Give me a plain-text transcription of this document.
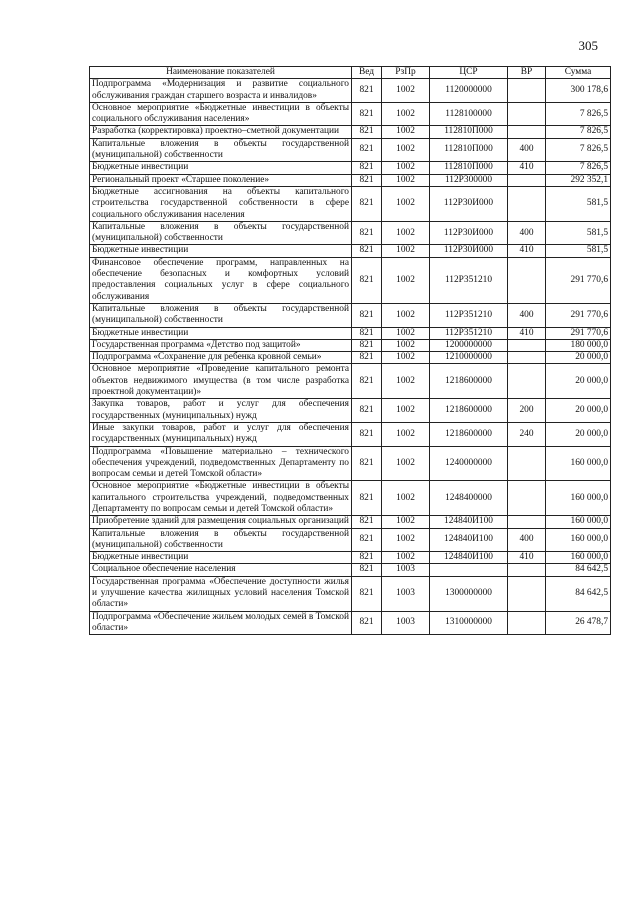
305
Наименование показателей	Вед	РзПр	ЦСР	ВР	Сумма
Подпрограмма «Модернизация и развитие социального обслуживания граждан старшего возраста и инвалидов»	821	1002	1120000000		300 178,6
Основное мероприятие «Бюджетные инвестиции в объекты социального обслуживания населения»	821	1002	1128100000		7 826,5
Разработка (корректировка) проектно–сметной документации	821	1002	112810П000		7 826,5
Капитальные вложения в объекты государственной (муниципальной) собственности	821	1002	112810П000	400	7 826,5
Бюджетные инвестиции	821	1002	112810П000	410	7 826,5
Региональный проект «Старшее поколение»	821	1002	112P300000		292 352,1
Бюджетные ассигнования на объекты капитального строительства государственной собственности в сфере социального обслуживания населения	821	1002	112P30И000		581,5
Капитальные вложения в объекты государственной (муниципальной) собственности	821	1002	112P30И000	400	581,5
Бюджетные инвестиции	821	1002	112P30И000	410	581,5
Финансовое обеспечение программ, направленных на обеспечение безопасных и комфортных условий предоставления социальных услуг в сфере социального обслуживания	821	1002	112P351210		291 770,6
Капитальные вложения в объекты государственной (муниципальной) собственности	821	1002	112P351210	400	291 770,6
Бюджетные инвестиции	821	1002	112P351210	410	291 770,6
Государственная программа «Детство под защитой»	821	1002	1200000000		180 000,0
Подпрограмма «Сохранение для ребенка кровной семьи»	821	1002	1210000000		20 000,0
Основное мероприятие «Проведение капитального ремонта объектов недвижимого имущества (в том числе разработка проектной документации)»	821	1002	1218600000		20 000,0
Закупка товаров, работ и услуг для обеспечения государственных (муниципальных) нужд	821	1002	1218600000	200	20 000,0
Иные закупки товаров, работ и услуг для обеспечения государственных (муниципальных) нужд	821	1002	1218600000	240	20 000,0
Подпрограмма «Повышение материально – технического обеспечения учреждений, подведомственных Департаменту по вопросам семьи и детей Томской области»	821	1002	1240000000		160 000,0
Основное мероприятие «Бюджетные инвестиции в объекты капитального строительства учреждений, подведомственных Департаменту по вопросам семьи и детей Томской области»	821	1002	1248400000		160 000,0
Приобретение зданий для размещения социальных организаций	821	1002	124840И100		160 000,0
Капитальные вложения в объекты государственной (муниципальной) собственности	821	1002	124840И100	400	160 000,0
Бюджетные инвестиции	821	1002	124840И100	410	160 000,0
Социальное обеспечение населения	821	1003			84 642,5
Государственная программа «Обеспечение доступности жилья и улучшение качества жилищных условий населения Томской области»	821	1003	1300000000		84 642,5
Подпрограмма «Обеспечение жильем молодых семей в Томской области»	821	1003	1310000000		26 478,7
